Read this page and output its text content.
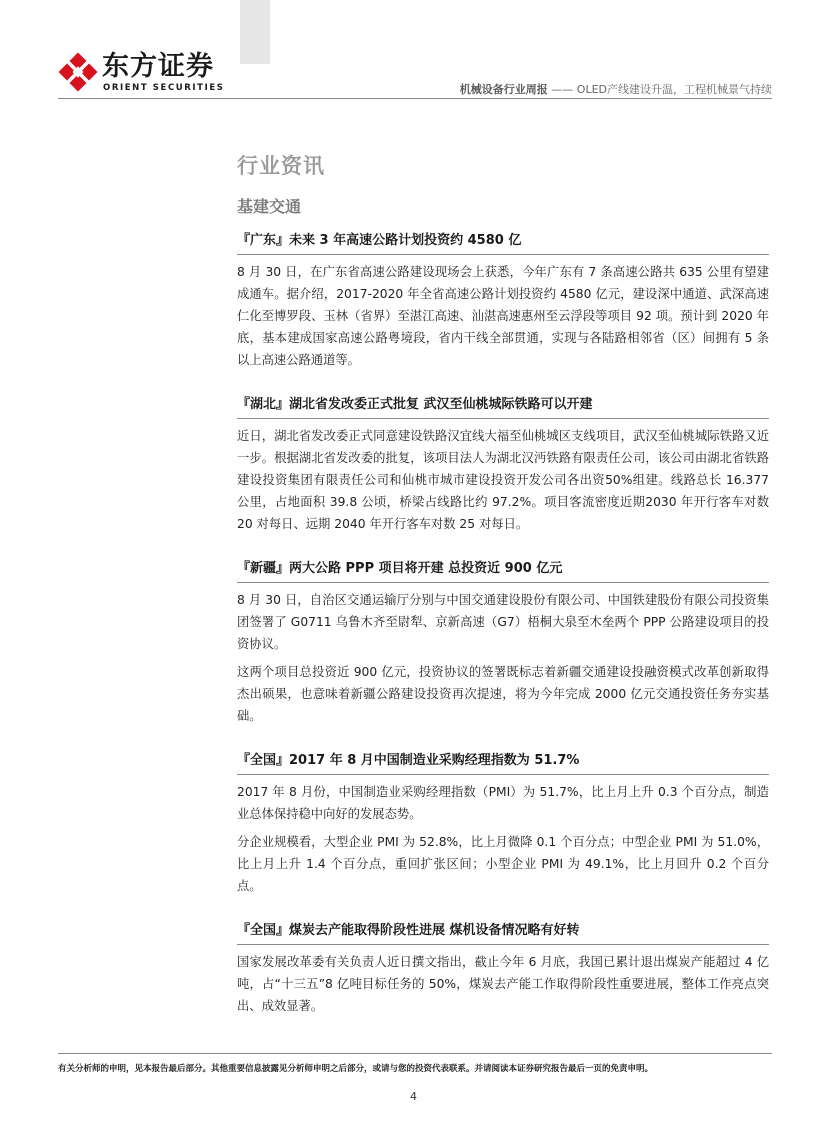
东方证券
ORIENT SECURITIES	机械设备行业周报 —— OLED产线建设升温，工程机械景气持续
行业资讯
基建交通
『广东』未来 3 年高速公路计划投资约 4580 亿

8 月 30 日，在广东省高速公路建设现场会上获悉，今年广东有 7 条高速公路共 635 公里有望建成通车。据介绍，2017-2020 年全省高速公路计划投资约 4580 亿元，建设深中通道、武深高速仁化至博罗段、玉林（省界）至湛江高速、汕湛高速惠州至云浮段等项目 92 项。预计到 2020 年底，基本建成国家高速公路粤境段，省内干线全部贯通，实现与各陆路相邻省（区）间拥有 5 条以上高速公路通道等。

『湖北』湖北省发改委正式批复 武汉至仙桃城际铁路可以开建

近日，湖北省发改委正式同意建设铁路汉宜线大福至仙桃城区支线项目，武汉至仙桃城际铁路又近一步。根据湖北省发改委的批复，该项目法人为湖北汉沔铁路有限责任公司，该公司由湖北省铁路建设投资集团有限责任公司和仙桃市城市建设投资开发公司各出资50%组建。线路总长 16.377 公里，占地面积 39.8 公顷，桥梁占线路比约 97.2%。项目客流密度近期2030 年开行客车对数 20 对每日、远期 2040 年开行客车对数 25 对每日。

『新疆』两大公路 PPP 项目将开建 总投资近 900 亿元

8 月 30 日，自治区交通运输厅分别与中国交通建设股份有限公司、中国铁建股份有限公司投资集团签署了 G0711 乌鲁木齐至尉犁、京新高速（G7）梧桐大泉至木垒两个 PPP 公路建设项目的投资协议。

这两个项目总投资近 900 亿元，投资协议的签署既标志着新疆交通建设投融资模式改革创新取得杰出硕果，也意味着新疆公路建设投资再次提速，将为今年完成 2000 亿元交通投资任务夯实基础。

『全国』2017 年 8 月中国制造业采购经理指数为 51.7%

2017 年 8 月份，中国制造业采购经理指数（PMI）为 51.7%，比上月上升 0.3 个百分点，制造业总体保持稳中向好的发展态势。

分企业规模看，大型企业 PMI 为 52.8%，比上月微降 0.1 个百分点；中型企业 PMI 为 51.0%，比上月上升 1.4 个百分点，重回扩张区间；小型企业 PMI 为 49.1%，比上月回升 0.2 个百分点。

『全国』煤炭去产能取得阶段性进展 煤机设备情况略有好转

国家发展改革委有关负责人近日撰文指出，截止今年 6 月底，我国已累计退出煤炭产能超过 4 亿吨，占“十三五”8 亿吨目标任务的 50%，煤炭去产能工作取得阶段性重要进展，整体工作亮点突出、成效显著。

有关分析师的申明，见本报告最后部分。其他重要信息披露见分析师申明之后部分，或请与您的投资代表联系。并请阅读本证券研究报告最后一页的免责申明。
4
